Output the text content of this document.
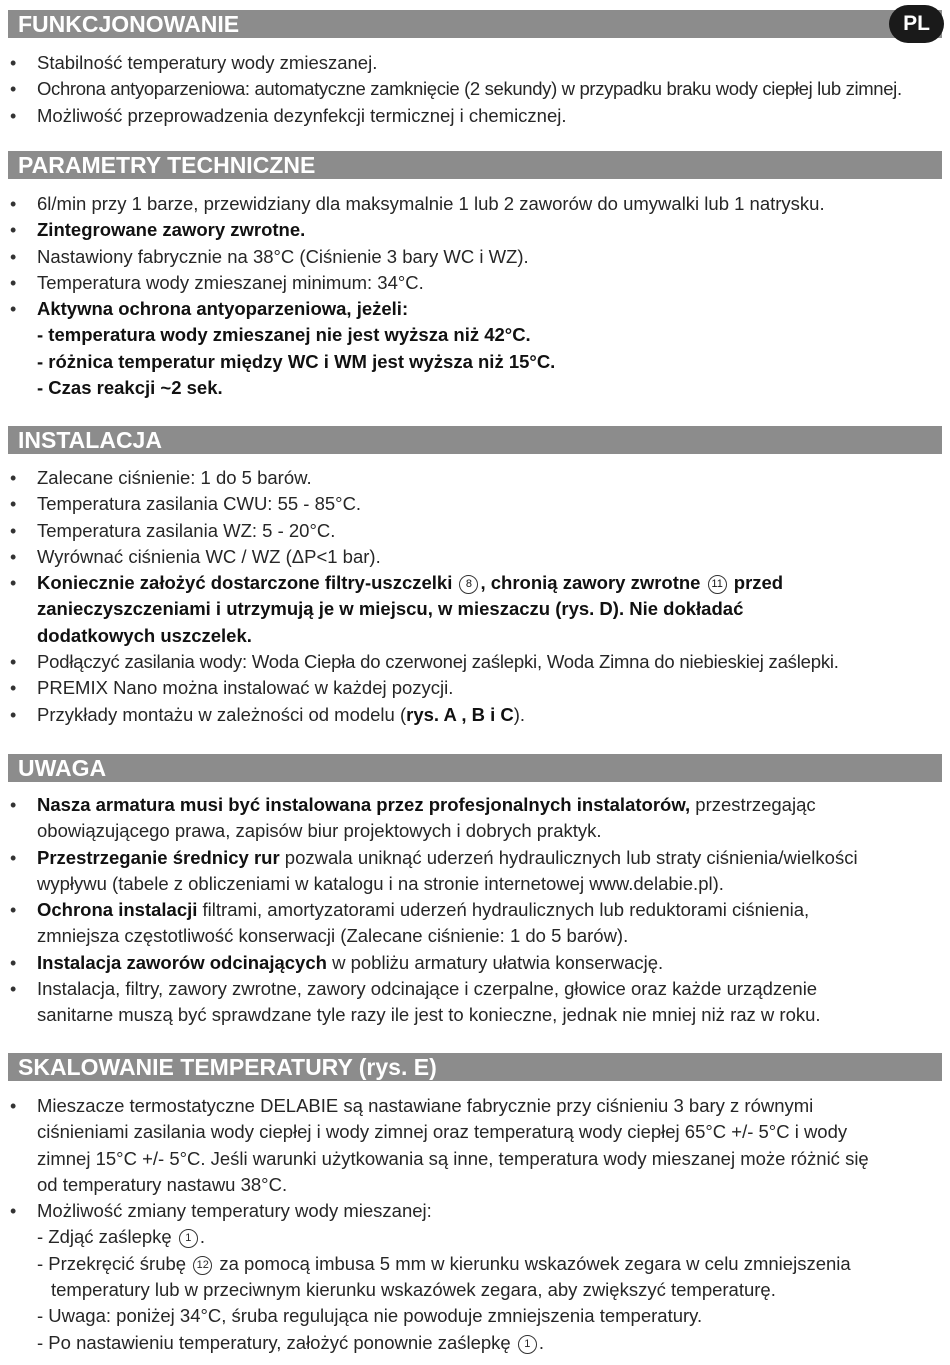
FUNKCJONOWANIE	PL
• Stabilność temperatury wody zmieszanej.
• Ochrona antyoparzeniowa: automatyczne zamknięcie (2 sekundy) w przypadku braku wody ciepłej lub zimnej.
• Możliwość przeprowadzenia dezynfekcji termicznej i chemicznej.
PARAMETRY TECHNICZNE
• 6l/min przy 1 barze, przewidziany dla maksymalnie 1 lub 2 zaworów do umywalki lub 1 natrysku.
• Zintegrowane zawory zwrotne.
• Nastawiony fabrycznie na 38°C (Ciśnienie 3 bary WC i WZ).
• Temperatura wody zmieszanej minimum: 34°C.
• Aktywna ochrona antyoparzeniowa, jeżeli:
- temperatura wody zmieszanej nie jest wyższa niż 42°C.
- różnica temperatur między WC i WM jest wyższa niż 15°C.
- Czas reakcji ~2 sek.
INSTALACJA
• Zalecane ciśnienie: 1 do 5 barów.
• Temperatura zasilania CWU: 55 - 85°C.
• Temperatura zasilania WZ: 5 - 20°C.
• Wyrównać ciśnienia WC / WZ (ΔP<1 bar).
• Koniecznie założyć dostarczone filtry-uszczelki 8 , chronią zawory zwrotne 11 przed
zanieczyszczeniami i utrzymują je w miejscu, w mieszaczu (rys. D). Nie dokładać
dodatkowych uszczelek.
• Podłączyć zasilania wody: Woda Ciepła do czerwonej zaślepki, Woda Zimna do niebieskiej zaślepki.
• PREMIX Nano można instalować w każdej pozycji.
• Przykłady montażu w zależności od modelu (rys. A , B i C).
UWAGA
• Nasza armatura musi być instalowana przez profesjonalnych instalatorów, przestrzegając
obowiązującego prawa, zapisów biur projektowych i dobrych praktyk.
• Przestrzeganie średnicy rur pozwala uniknąć uderzeń hydraulicznych lub straty ciśnienia/wielkości
wypływu (tabele z obliczeniami w katalogu i na stronie internetowej www.delabie.pl).
• Ochrona instalacji filtrami, amortyzatorami uderzeń hydraulicznych lub reduktorami ciśnienia,
zmniejsza częstotliwość konserwacji (Zalecane ciśnienie: 1 do 5 barów).
• Instalacja zaworów odcinających w pobliżu armatury ułatwia konserwację.
• Instalacja, filtry, zawory zwrotne, zawory odcinające i czerpalne, głowice oraz każde urządzenie
sanitarne muszą być sprawdzane tyle razy ile jest to konieczne, jednak nie mniej niż raz w roku.
SKALOWANIE TEMPERATURY (rys. E)
• Mieszacze termostatyczne DELABIE są nastawiane fabrycznie przy ciśnieniu 3 bary z równymi
ciśnieniami zasilania wody ciepłej i wody zimnej oraz temperaturą wody ciepłej 65°C +/- 5°C i wody
zimnej 15°C +/- 5°C. Jeśli warunki użytkowania są inne, temperatura wody mieszanej może różnić się
od temperatury nastawu 38°C.
• Możliwość zmiany temperatury wody mieszanej:
- Zdjąć zaślepkę 1 .
- Przekręcić śrubę 12 za pomocą imbusa 5 mm w kierunku wskazówek zegara w celu zmniejszenia
temperatury lub w przeciwnym kierunku wskazówek zegara, aby zwiększyć temperaturę.
- Uwaga: poniżej 34°C, śruba regulująca nie powoduje zmniejszenia temperatury.
- Po nastawieniu temperatury, założyć ponownie zaślepkę 1 .
